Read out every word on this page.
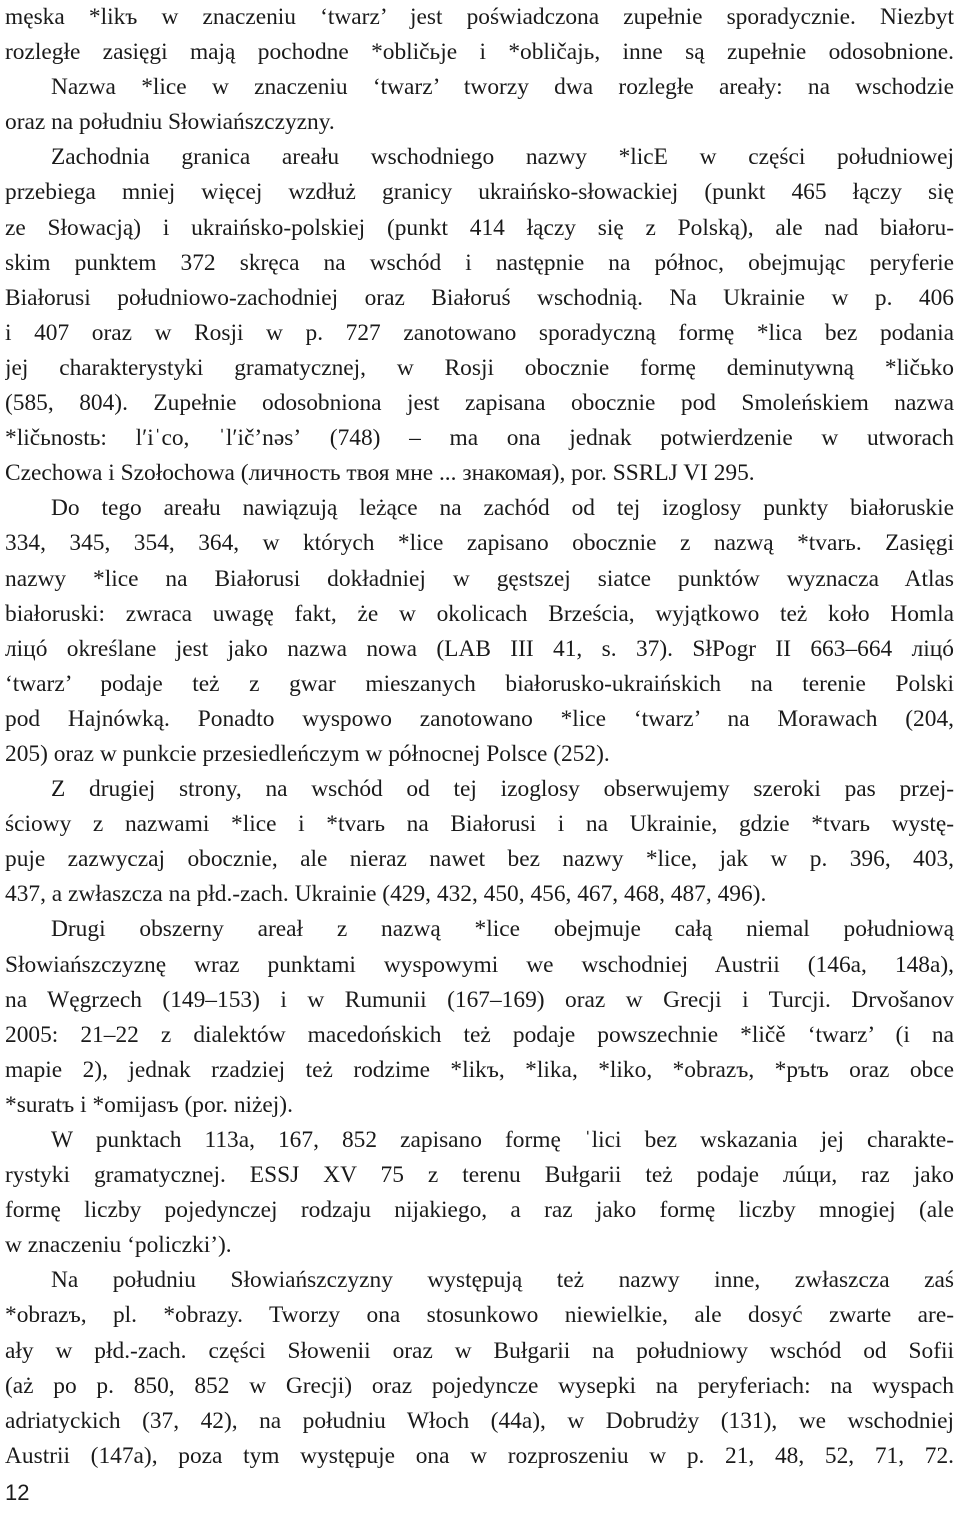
męska *likъ w znaczeniu ‘twarz’ jest poświadczona zupełnie sporadycznie. Niezbyt
rozległe zasięgi mają pochodne *obličьje i *obličajь, inne są zupełnie odosobnione.
Nazwa *lice w znaczeniu ‘twarz’ tworzy dwa rozległe areały: na wschodzie
oraz na południu Słowiańszczyzny.
Zachodnia granica areału wschodniego nazwy *licE w części południowej
przebiega mniej więcej wzdłuż granicy ukraińsko-słowackiej (punkt 465 łączy się
ze Słowacją) i ukraińsko-polskiej (punkt 414 łączy się z Polską), ale nad białoru-
skim punktem 372 skręca na wschód i następnie na północ, obejmując peryferie
Białorusi południowo-zachodniej oraz Białoruś wschodnią. Na Ukrainie w p. 406
i 407 oraz w Rosji w p. 727 zanotowano sporadyczną formę *lica bez podania
jej charakterystyki gramatycznej, w Rosji obocznie formę deminutywną *ličьko
(585, 804). Zupełnie odosobniona jest zapisana obocznie pod Smoleńskiem nazwa
*ličьnostь: lʹiˈco, ˈlʹičʼnəsʼ (748) – ma ona jednak potwierdzenie w utworach
Czechowa i Szołochowa (личность твоя мне ... знакомая), por. SSRLJ VI 295.
Do tego areału nawiązują leżące na zachód od tej izoglosy punkty białoruskie
334, 345, 354, 364, w których *lice zapisano obocznie z nazwą *tvarь. Zasięgi
nazwy *lice na Białorusi dokładniej w gęstszej siatce punktów wyznacza Atlas
białoruski: zwraca uwagę fakt, że w okolicach Brześcia, wyjątkowo też koło Homla
лiцó określane jest jako nazwa nowa (LAB III 41, s. 37). SłPogr II 663–664 лiцó
‘twarz’ podaje też z gwar mieszanych białorusko-ukraińskich na terenie Polski
pod Hajnówką. Ponadto wyspowo zanotowano *lice ‘twarz’ na Morawach (204,
205) oraz w punkcie przesiedleńczym w północnej Polsce (252).
Z drugiej strony, na wschód od tej izoglosy obserwujemy szeroki pas przej-
ściowy z nazwami *lice i *tvarь na Białorusi i na Ukrainie, gdzie *tvarь wystę-
puje zazwyczaj obocznie, ale nieraz nawet bez nazwy *lice, jak w p. 396, 403,
437, a zwłaszcza na płd.-zach. Ukrainie (429, 432, 450, 456, 467, 468, 487, 496).
Drugi obszerny areał z nazwą *lice obejmuje całą niemal południową
Słowiańszczyznę wraz punktami wyspowymi we wschodniej Austrii (146a, 148a),
na Węgrzech (149–153) i w Rumunii (167–169) oraz w Grecji i Turcji. Drvošanov
2005: 21–22 z dialektów macedońskich też podaje powszechnie *ličě ‘twarz’ (i na
mapie 2), jednak rzadziej też rodzime *likъ, *lika, *liko, *obrazъ, *ръtъ oraz obce
*suratъ i *omijasъ (por. niżej).
W punktach 113a, 167, 852 zapisano formę ˈlici bez wskazania jej charakte-
rystyki gramatycznej. ESSJ XV 75 z terenu Bułgarii też podaje лúци, raz jako
formę liczby pojedynczej rodzaju nijakiego, a raz jako formę liczby mnogiej (ale
w znaczeniu ‘policzki’).
Na południu Słowiańszczyzny występują też nazwy inne, zwłaszcza zaś
*obrazъ, pl. *obrazy. Tworzy ona stosunkowo niewielkie, ale dosyć zwarte are-
ały w płd.-zach. części Słowenii oraz w Bułgarii na południowy wschód od Sofii
(aż po p. 850, 852 w Grecji) oraz pojedyncze wysepki na peryferiach: na wyspach
adriatyckich (37, 42), na południu Włoch (44a), w Dobrudży (131), we wschodniej
Austrii (147a), poza tym występuje ona w rozproszeniu w p. 21, 48, 52, 71, 72.
12
